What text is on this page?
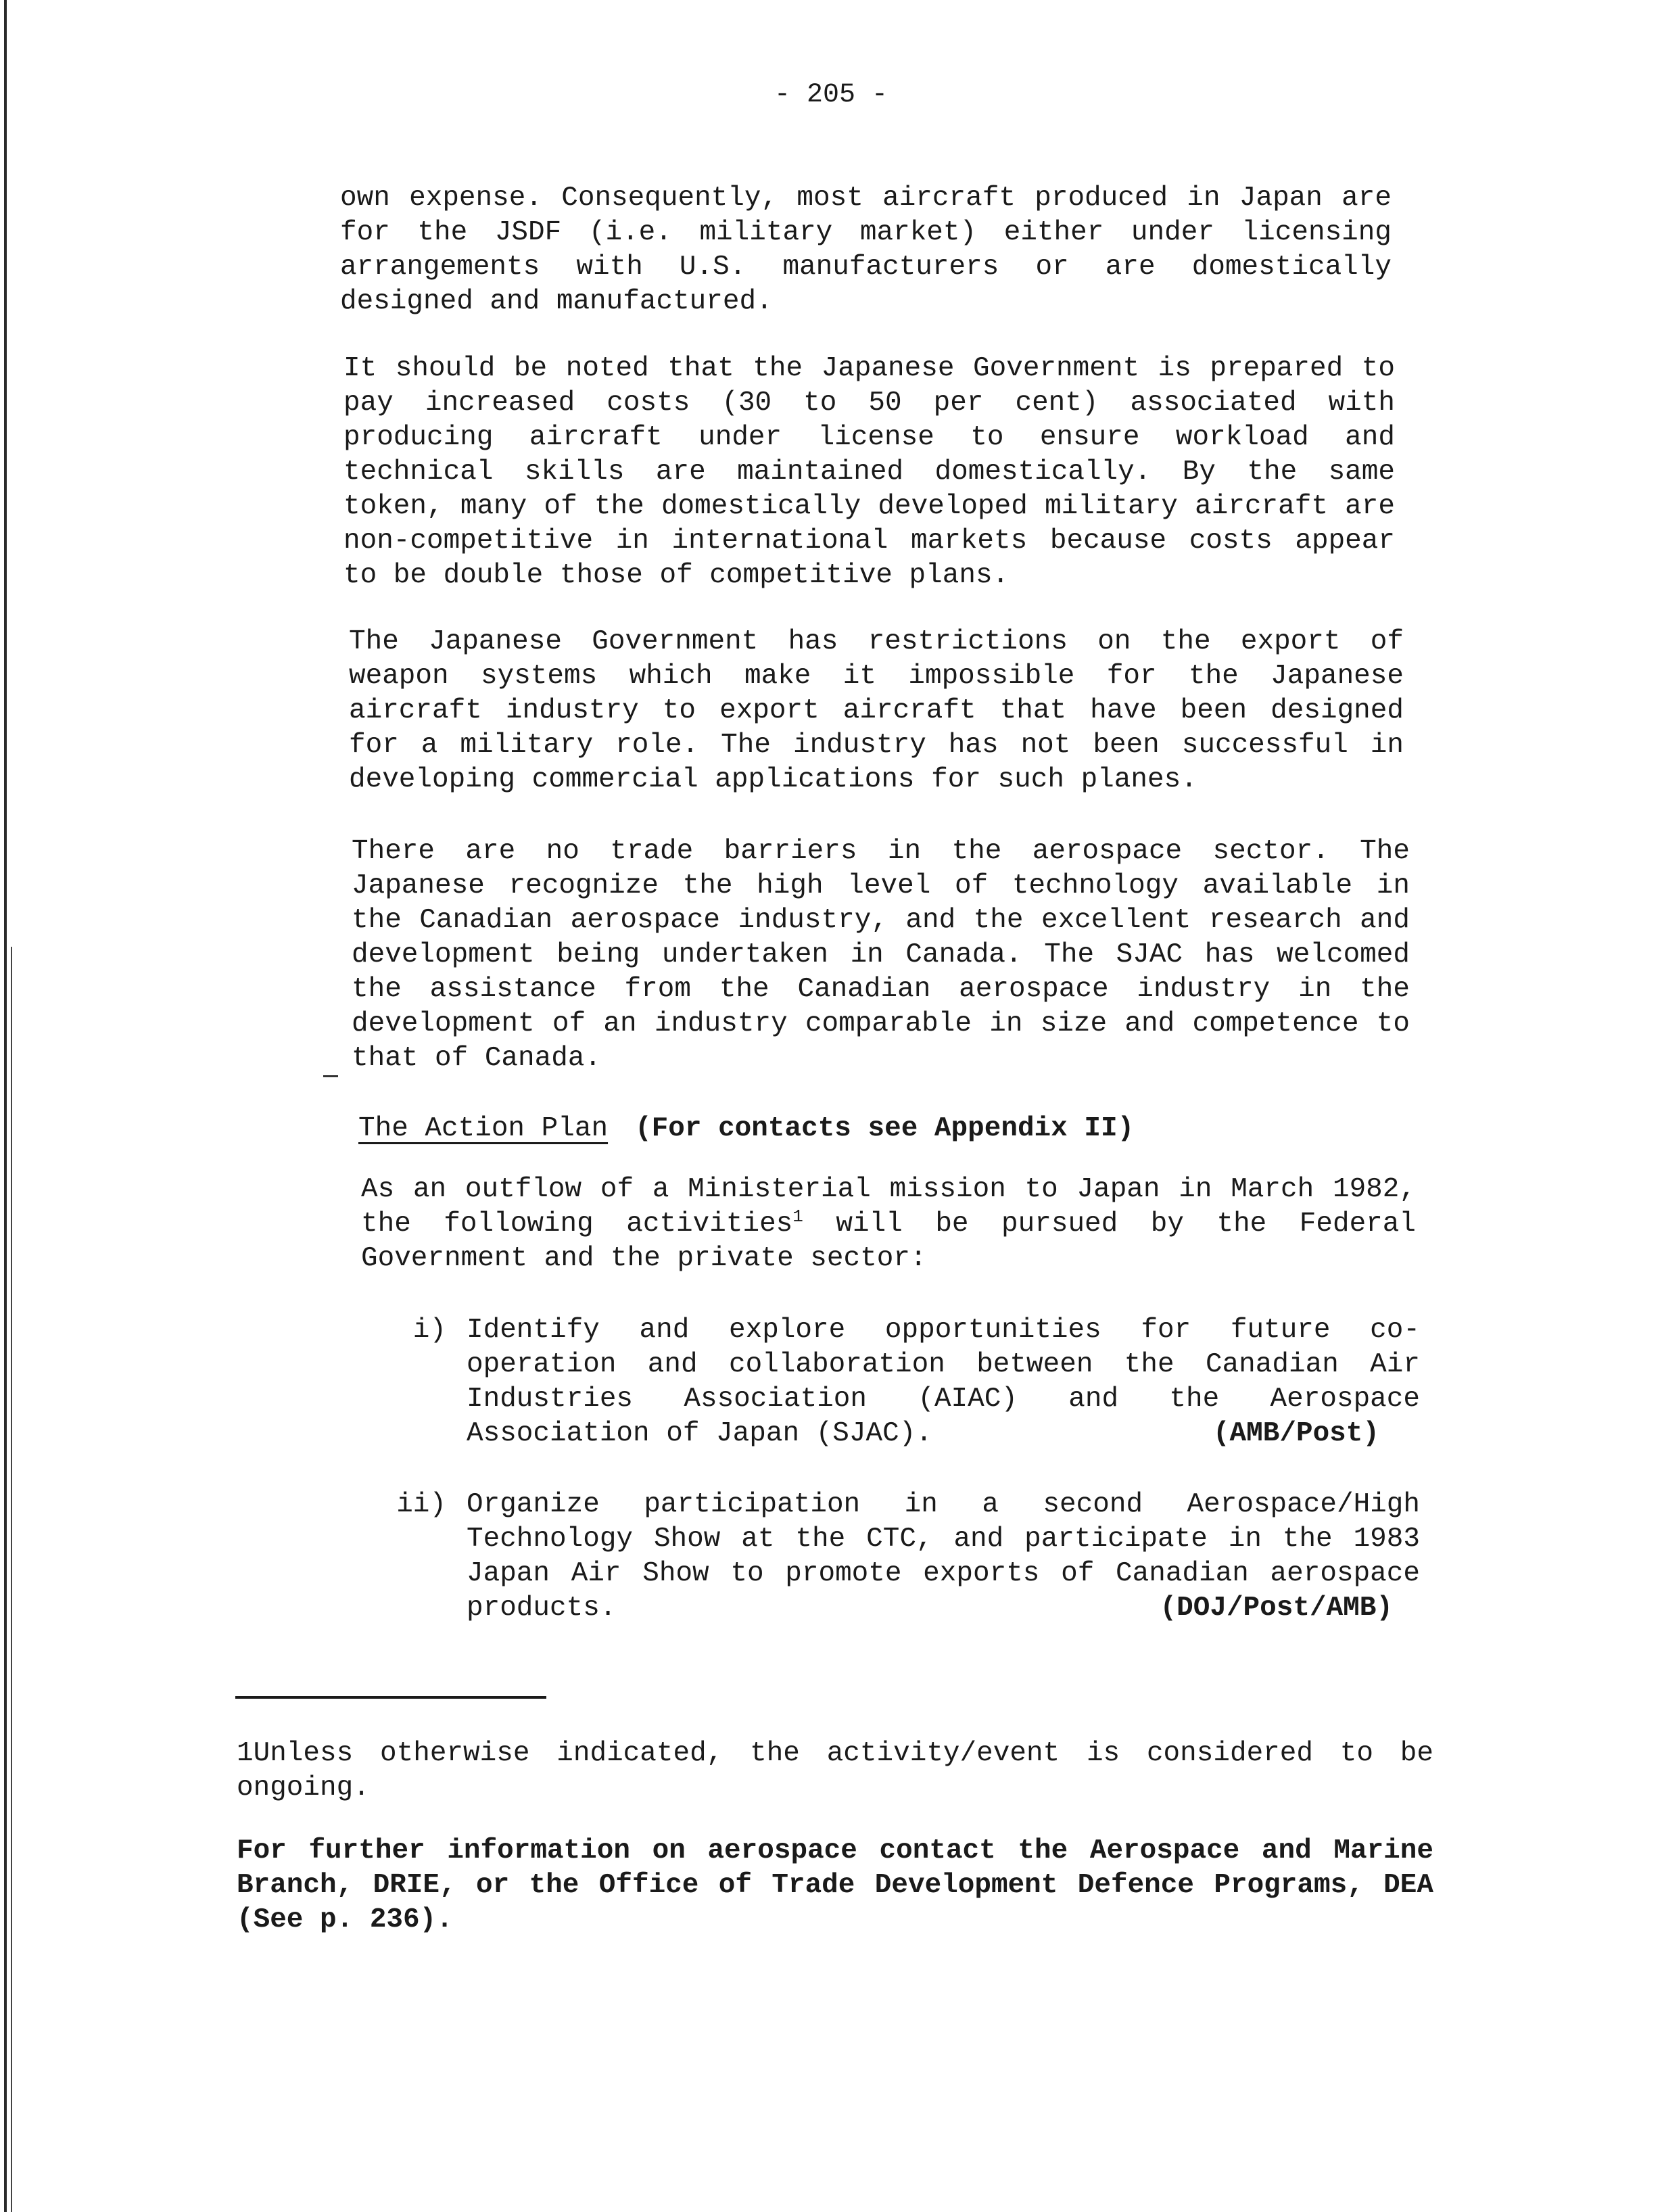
- 205 -

own expense. Consequently, most aircraft produced in Japan are for the JSDF (i.e. military market) either under licensing arrangements with U.S. manufacturers or are domestically designed and manufactured.

It should be noted that the Japanese Government is prepared to pay increased costs (30 to 50 per cent) associated with producing aircraft under license to ensure workload and technical skills are maintained domestically. By the same token, many of the domestically developed military aircraft are non-competitive in international markets because costs appear to be double those of competitive plans.

The Japanese Government has restrictions on the export of weapon systems which make it impossible for the Japanese aircraft industry to export aircraft that have been designed for a military role. The industry has not been successful in developing commercial applications for such planes.

There are no trade barriers in the aerospace sector. The Japanese recognize the high level of technology available in the Canadian aerospace industry, and the excellent research and development being undertaken in Canada. The SJAC has welcomed the assistance from the Canadian aerospace industry in the development of an industry comparable in size and competence to that of Canada.

The Action Plan (For contacts see Appendix II)

As an outflow of a Ministerial mission to Japan in March 1982, the following activities$^1$ will be pursued by the Federal Government and the private sector:

i) Identify and explore opportunities for future co-operation and collaboration between the Canadian Air Industries Association (AIAC) and the Aerospace Association of Japan (SJAC).	(AMB/Post)
ii) Organize participation in a second Aerospace/High Technology Show at the CTC, and participate in the 1983 Japan Air Show to promote exports of Canadian aerospace products.	(DOJ/Post/AMB)

1Unless otherwise indicated, the activity/event is considered to be ongoing.

For further information on aerospace contact the Aerospace and Marine Branch, DRIE, or the Office of Trade Development Defence Programs, DEA (See p. 236).
